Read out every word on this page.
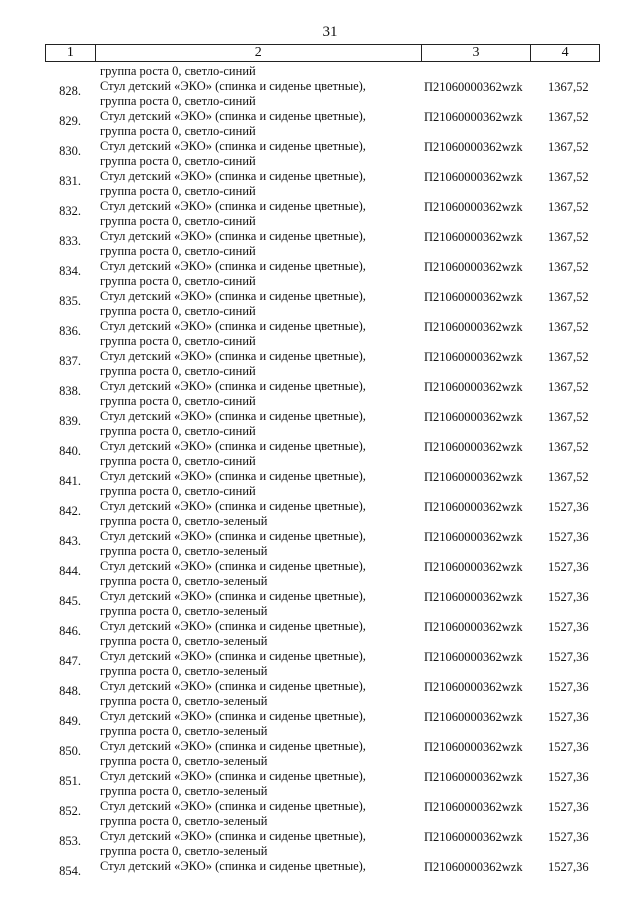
31
1	2	3	4
группа роста 0, светло-синий
828.	Стул детский «ЭКО» (спинка и сиденье цветные),
группа роста 0, светло-синий
П21060000362wzk 1367,52
829.	Стул детский «ЭКО» (спинка и сиденье цветные),
группа роста 0, светло-синий
П21060000362wzk 1367,52
830.	Стул детский «ЭКО» (спинка и сиденье цветные),
группа роста 0, светло-синий
П21060000362wzk 1367,52
831.	Стул детский «ЭКО» (спинка и сиденье цветные),
группа роста 0, светло-синий
П21060000362wzk 1367,52
832.	Стул детский «ЭКО» (спинка и сиденье цветные),
группа роста 0, светло-синий
П21060000362wzk 1367,52
833.	Стул детский «ЭКО» (спинка и сиденье цветные),
группа роста 0, светло-синий
П21060000362wzk 1367,52
834.	Стул детский «ЭКО» (спинка и сиденье цветные),
группа роста 0, светло-синий
П21060000362wzk 1367,52
835.	Стул детский «ЭКО» (спинка и сиденье цветные),
группа роста 0, светло-синий
П21060000362wzk 1367,52
836.	Стул детский «ЭКО» (спинка и сиденье цветные),
группа роста 0, светло-синий
П21060000362wzk 1367,52
837.	Стул детский «ЭКО» (спинка и сиденье цветные),
группа роста 0, светло-синий
П21060000362wzk 1367,52
838.	Стул детский «ЭКО» (спинка и сиденье цветные),
группа роста 0, светло-синий
П21060000362wzk 1367,52
839.	Стул детский «ЭКО» (спинка и сиденье цветные),
группа роста 0, светло-синий
П21060000362wzk 1367,52
840.	Стул детский «ЭКО» (спинка и сиденье цветные),
группа роста 0, светло-синий
П21060000362wzk 1367,52
841.	Стул детский «ЭКО» (спинка и сиденье цветные),
группа роста 0, светло-синий
П21060000362wzk 1367,52
842.	Стул детский «ЭКО» (спинка и сиденье цветные),
группа роста 0, светло-зеленый
П21060000362wzk 1527,36
843.	Стул детский «ЭКО» (спинка и сиденье цветные),
группа роста 0, светло-зеленый
П21060000362wzk 1527,36
844.	Стул детский «ЭКО» (спинка и сиденье цветные),
группа роста 0, светло-зеленый
П21060000362wzk 1527,36
845.	Стул детский «ЭКО» (спинка и сиденье цветные),
группа роста 0, светло-зеленый
П21060000362wzk 1527,36
846.	Стул детский «ЭКО» (спинка и сиденье цветные),
группа роста 0, светло-зеленый
П21060000362wzk 1527,36
847.	Стул детский «ЭКО» (спинка и сиденье цветные),
группа роста 0, светло-зеленый
П21060000362wzk 1527,36
848.	Стул детский «ЭКО» (спинка и сиденье цветные),
группа роста 0, светло-зеленый
П21060000362wzk 1527,36
849.	Стул детский «ЭКО» (спинка и сиденье цветные),
группа роста 0, светло-зеленый
П21060000362wzk 1527,36
850.	Стул детский «ЭКО» (спинка и сиденье цветные),
группа роста 0, светло-зеленый
П21060000362wzk 1527,36
851.	Стул детский «ЭКО» (спинка и сиденье цветные),
группа роста 0, светло-зеленый
П21060000362wzk 1527,36
852.	Стул детский «ЭКО» (спинка и сиденье цветные),
группа роста 0, светло-зеленый
П21060000362wzk 1527,36
853.	Стул детский «ЭКО» (спинка и сиденье цветные),
группа роста 0, светло-зеленый
П21060000362wzk 1527,36
854.	Стул детский «ЭКО» (спинка и сиденье цветные),	П21060000362wzk 1527,36
